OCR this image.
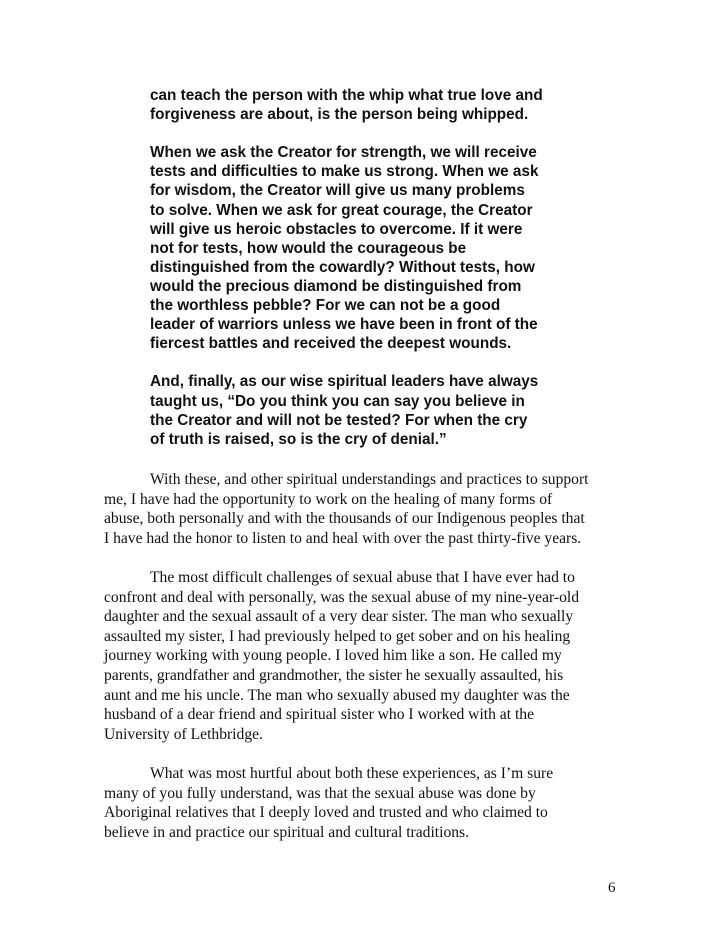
can teach the person with the whip what true love and
forgiveness are about, is the person being whipped.
When we ask the Creator for strength, we will receive
tests and difficulties to make us strong. When we ask
for wisdom, the Creator will give us many problems
to solve. When we ask for great courage, the Creator
will give us heroic obstacles to overcome. If it were
not for tests, how would the courageous be
distinguished from the cowardly? Without tests, how
would the precious diamond be distinguished from
the worthless pebble? For we can not be a good
leader of warriors unless we have been in front of the
fiercest battles and received the deepest wounds.
And, finally, as our wise spiritual leaders have always
taught us, “Do you think you can say you believe in
the Creator and will not be tested? For when the cry
of truth is raised, so is the cry of denial.”
With these, and other spiritual understandings and practices to support
me, I have had the opportunity to work on the healing of many forms of
abuse, both personally and with the thousands of our Indigenous peoples that
I have had the honor to listen to and heal with over the past thirty-five years.
The most difficult challenges of sexual abuse that I have ever had to
confront and deal with personally, was the sexual abuse of my nine-year-old
daughter and the sexual assault of a very dear sister. The man who sexually
assaulted my sister, I had previously helped to get sober and on his healing
journey working with young people. I loved him like a son. He called my
parents, grandfather and grandmother, the sister he sexually assaulted, his
aunt and me his uncle. The man who sexually abused my daughter was the
husband of a dear friend and spiritual sister who I worked with at the
University of Lethbridge.
What was most hurtful about both these experiences, as I’m sure
many of you fully understand, was that the sexual abuse was done by
Aboriginal relatives that I deeply loved and trusted and who claimed to
believe in and practice our spiritual and cultural traditions.
6
